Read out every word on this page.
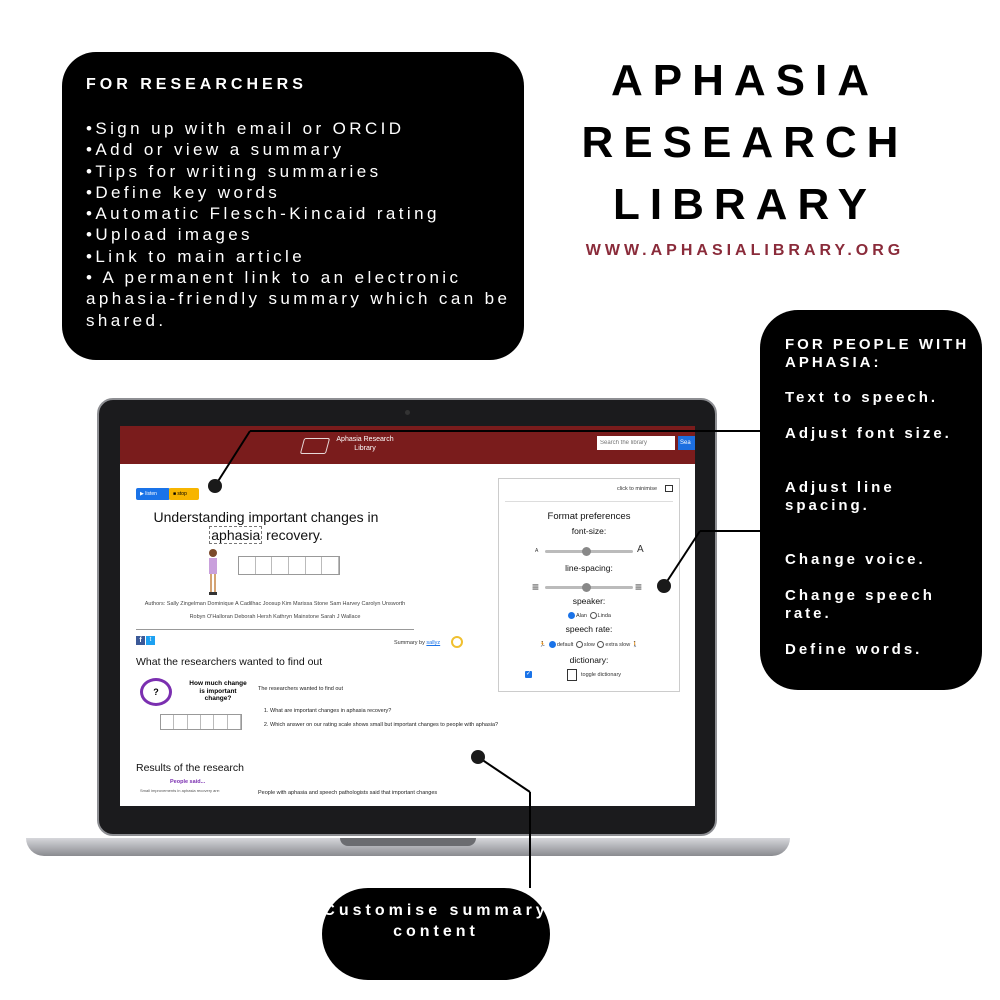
FOR RESEARCHERS
•Sign up with email or ORCID
•Add or view a summary
•Tips for writing summaries
•Define key words
•Automatic Flesch-Kincaid rating
•Upload images
•Link to main article
• A permanent link to an electronic aphasia-friendly summary which can be shared.
APHASIA
RESEARCH
LIBRARY
WWW.APHASIALIBRARY.ORG
FOR PEOPLE WITH APHASIA:
Text to speech.
Adjust font size.
Adjust line spacing.
Change voice.
Change speech rate.
Define words.
Aphasia Research Library
Search the library
Sea
▶ listen	■ stop
Understanding important changes in
aphasia recovery.
Authors: Sally Zingelman Dominique A Cadilhac Joosup Kim Marissa Stone Sam Harvey Carolyn Unsworth Robyn O'Halloran Deborah Hersh Kathryn Mainstone Sarah J Wallace
f	t	Summary by sallyz
What the researchers wanted to find out
?
How much change is important change?
The researchers wanted to find out
1. What are important changes in aphasia recovery?
2. Which answer on our rating scale shows small but important changes to people with aphasia?
Results of the research
People said...
Small improvements in aphasia recovery are:	People with aphasia and speech pathologists said that important changes
click to minimise
Format preferences
font-size:
A	A
line-spacing:
≡	≡
speaker:
Alan Linda
speech rate:
🏃 default slow extra slow 🚶
dictionary:
✓	toggle dictionary
Customise summary content
